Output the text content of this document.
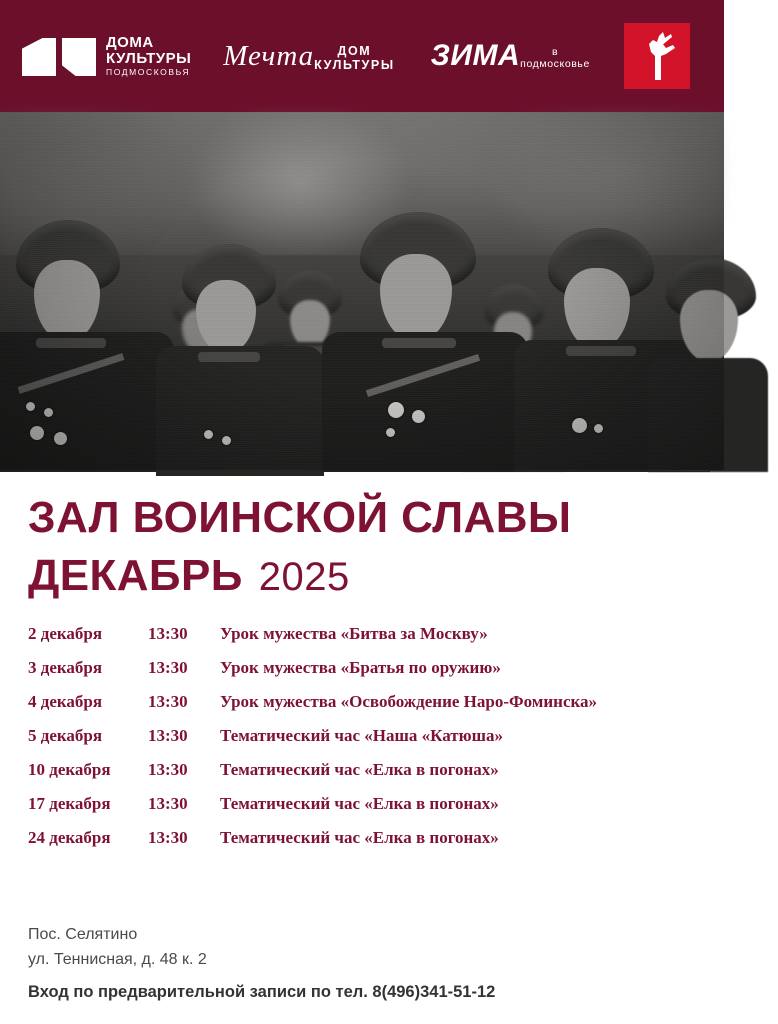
ДОМА
КУЛЬТУРЫ
ПОДМОСКОВЬЯ
Мечта	ДОМ КУЛЬТУРЫ ЗИМА	в подмосковье	6+
ЗАЛ ВОИНСКОЙ СЛАВЫ
ДЕКАБРЬ 2025
2 декабря	13:30	Урок мужества «Битва за Москву»
3 декабря	13:30	Урок мужества «Братья по оружию»
4 декабря	13:30	Урок мужества «Освобождение Наро-Фоминска»
5 декабря	13:30	Тематический час «Наша «Катюша»
10 декабря	13:30	Тематический час «Елка в погонах»
17 декабря	13:30	Тематический час «Елка в погонах»
24 декабря	13:30	Тематический час «Елка в погонах»
Пос. Селятино
ул. Теннисная, д. 48 к. 2
Вход по предварительной записи по тел. 8(496)341-51-12
